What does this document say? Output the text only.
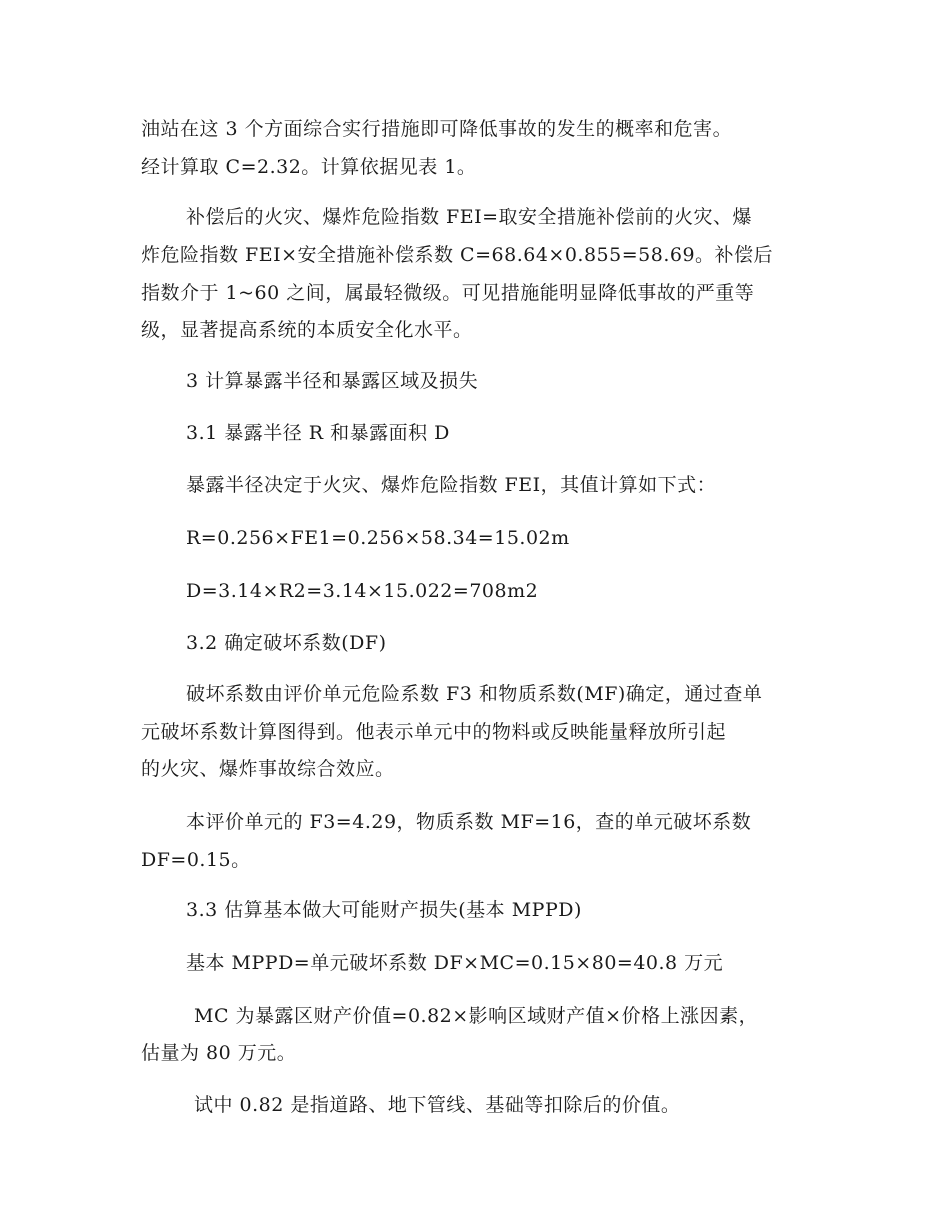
油站在这 3 个方面综合实行措施即可降低事故的发生的概率和危害。
经计算取 C=2.32。计算依据见表 1。
补偿后的火灾、爆炸危险指数 FEI=取安全措施补偿前的火灾、爆
炸危险指数 FEI×安全措施补偿系数 C=68.64×0.855=58.69。补偿后
指数介于 1~60 之间，属最轻微级。可见措施能明显降低事故的严重等
级，显著提高系统的本质安全化水平。
3 计算暴露半径和暴露区域及损失
3.1 暴露半径 R 和暴露面积 D
暴露半径决定于火灾、爆炸危险指数 FEI，其值计算如下式：
R=0.256×FE1=0.256×58.34=15.02m
D=3.14×R2=3.14×15.022=708m2
3.2 确定破坏系数(DF)
破坏系数由评价单元危险系数 F3 和物质系数(MF)确定，通过查单
元破坏系数计算图得到。他表示单元中的物料或反映能量释放所引起
的火灾、爆炸事故综合效应。
本评价单元的 F3=4.29，物质系数 MF=16，查的单元破坏系数
DF=0.15。
3.3 估算基本做大可能财产损失(基本 MPPD)
基本 MPPD=单元破坏系数 DF×MC=0.15×80=40.8 万元
MC 为暴露区财产价值=0.82×影响区域财产值×价格上涨因素，
估量为 80 万元。
试中 0.82 是指道路、地下管线、基础等扣除后的价值。
